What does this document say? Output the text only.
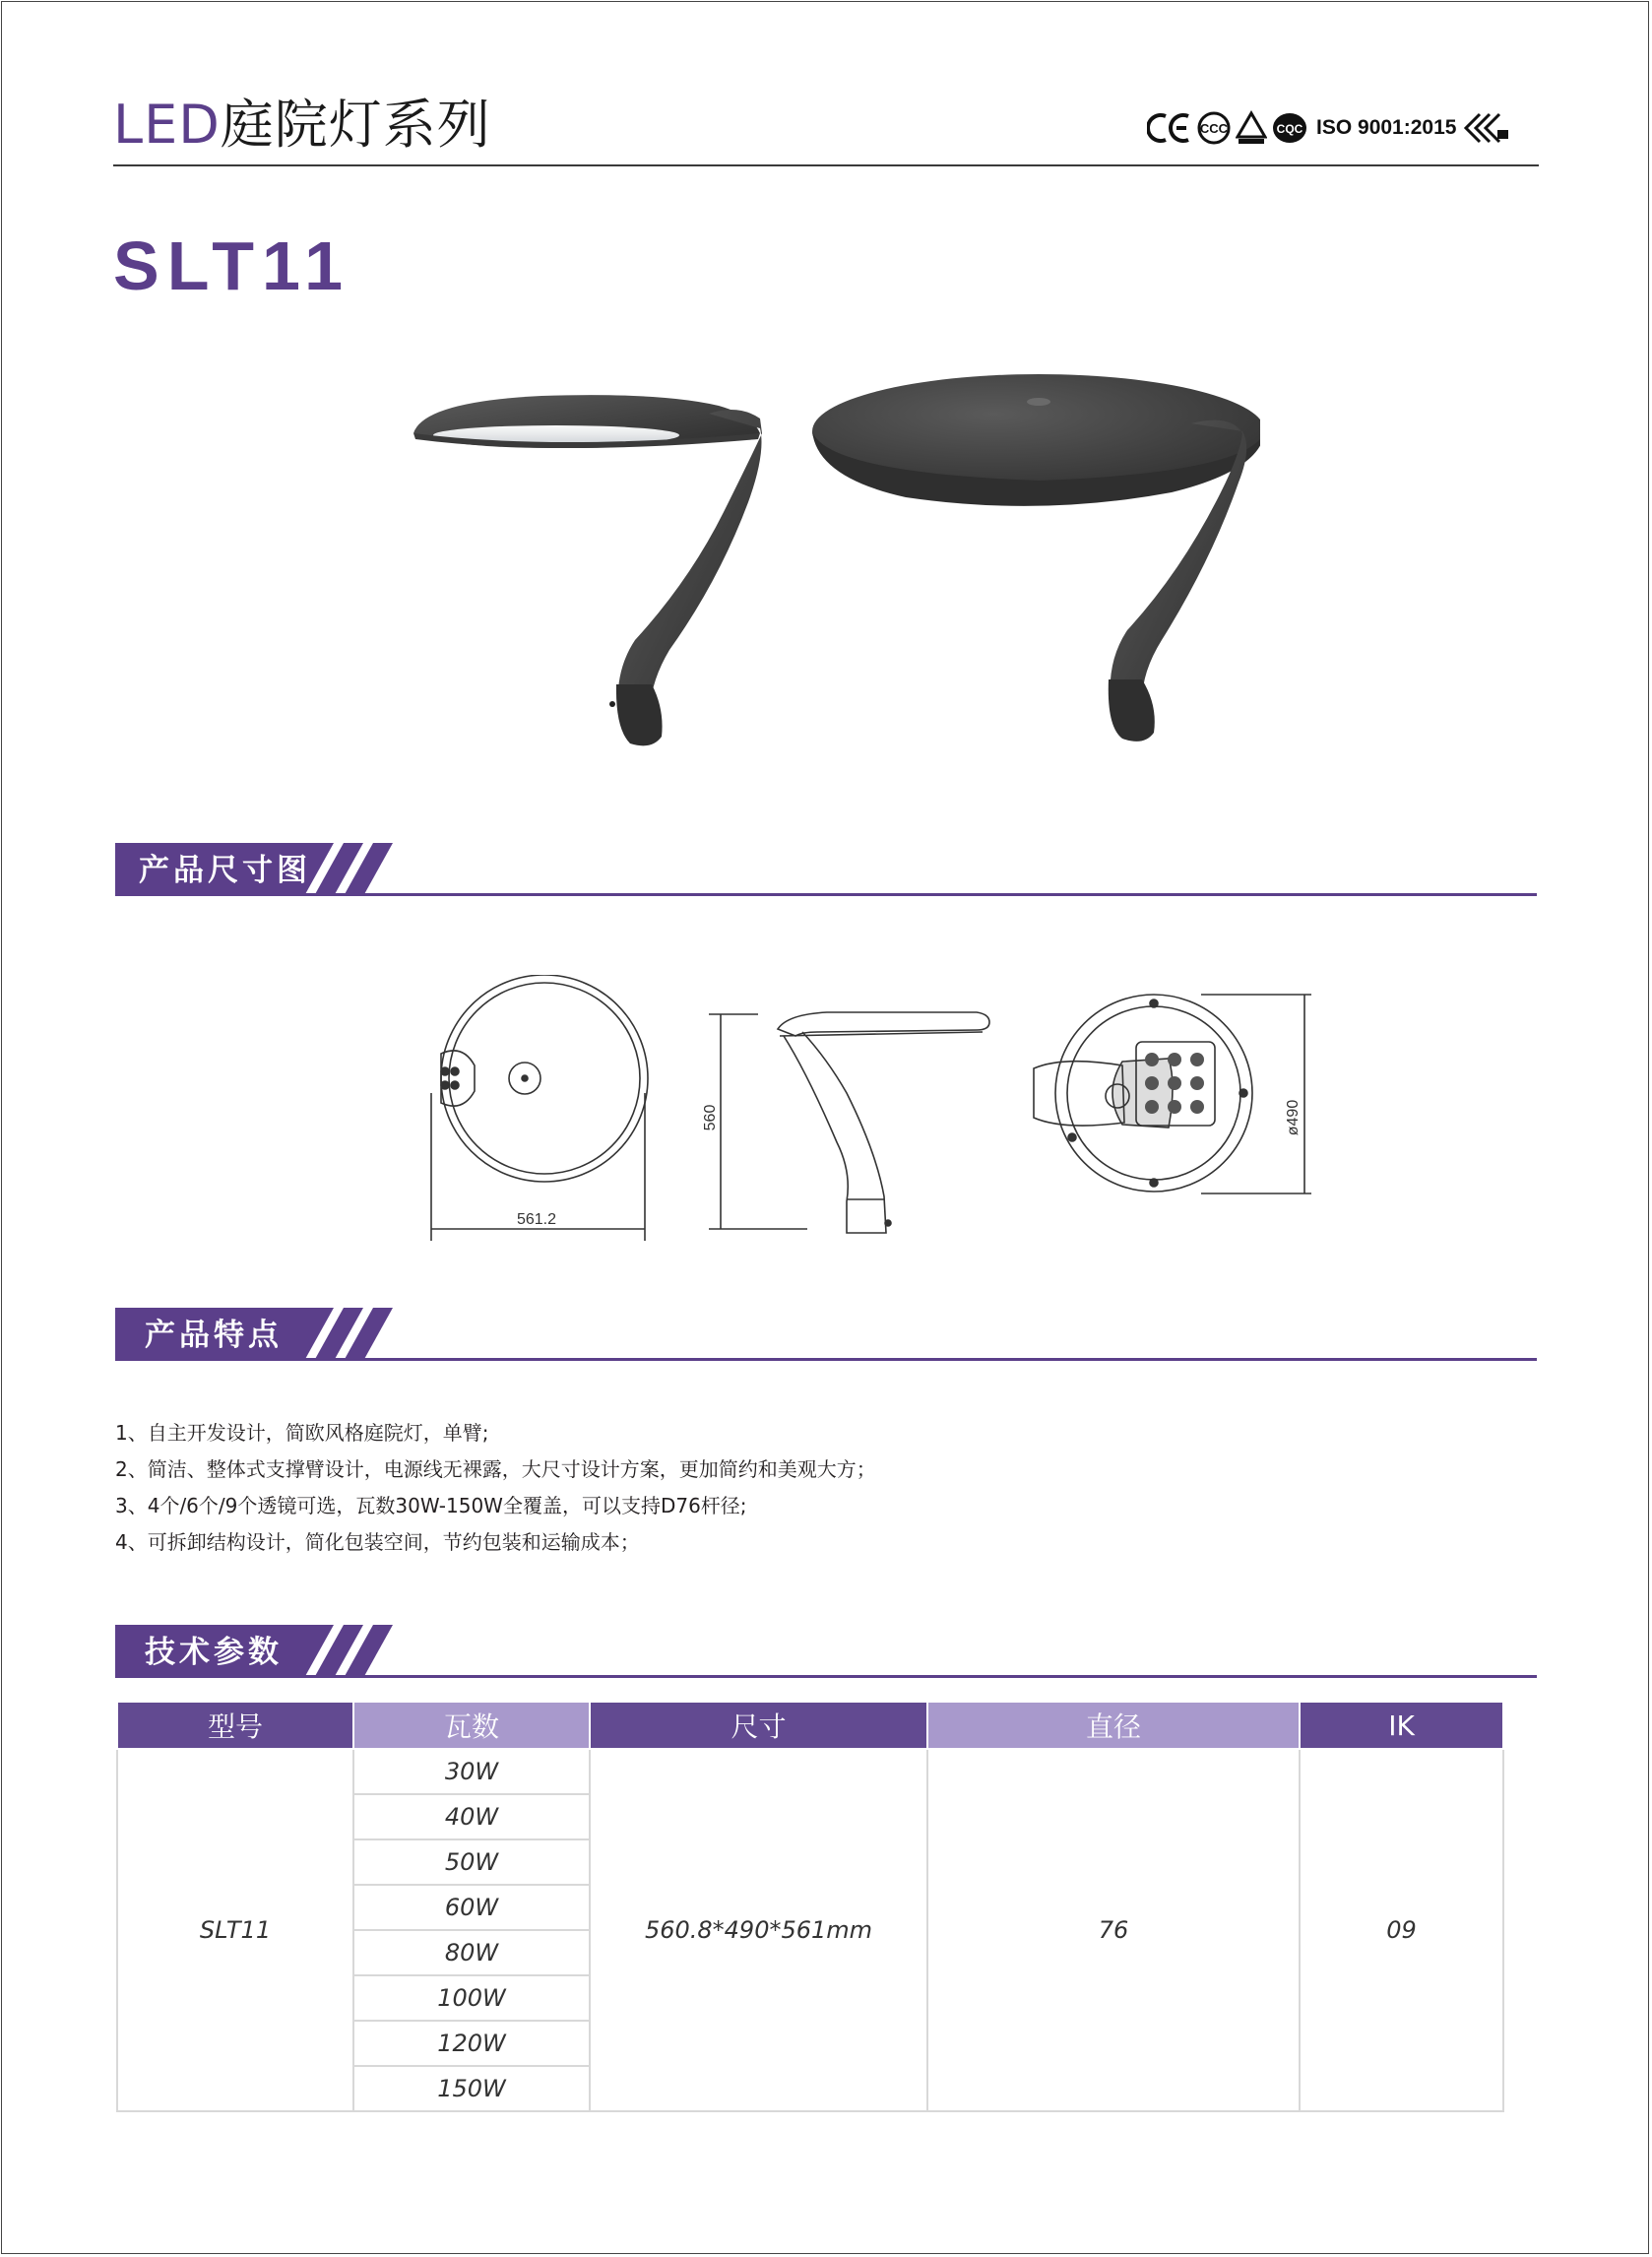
LED庭院灯系列	CCC	CQC ISO 9001:2015
SLT11
产品尺寸图
561.2
560	ø490
产品特点
1、自主开发设计，简欧风格庭院灯，单臂;
2、简洁、整体式支撑臂设计，电源线无裸露，大尺寸设计方案，更加简约和美观大方；
3、4个/6个/9个透镜可选，瓦数30W-150W全覆盖，可以支持D76杆径;
4、可拆卸结构设计，简化包装空间，节约包装和运输成本；
技术参数
型号	瓦数	尺寸	直径	IK
SLT11	30W	560.8*490*561mm	76	09
	40W			
	50W			
	60W			
	80W			
	100W			
	120W			
	150W			
